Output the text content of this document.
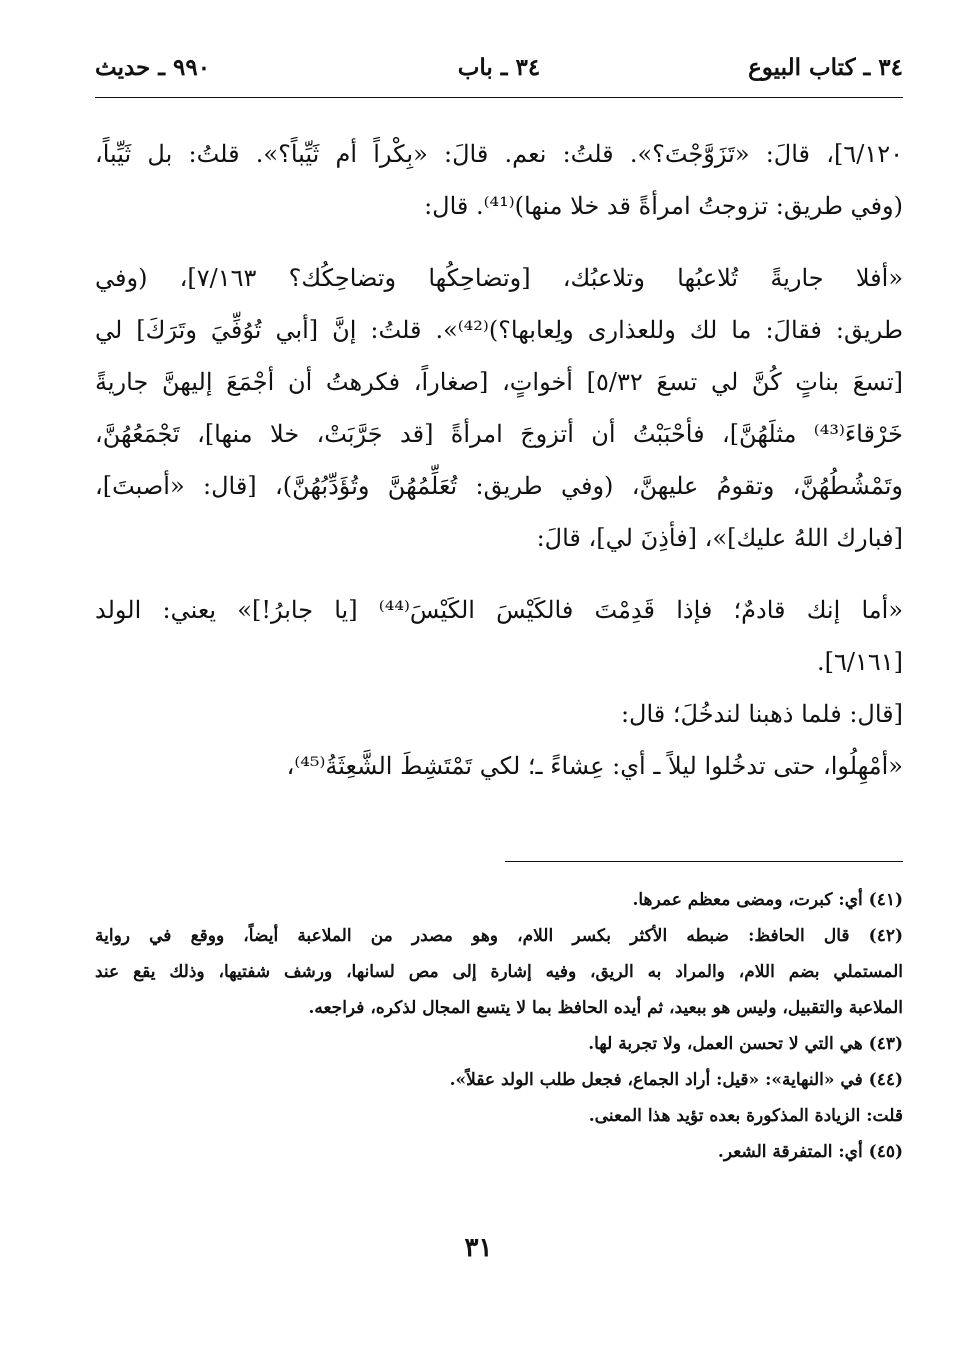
٣٤ ـ كتاب البيوع
٣٤ ـ باب
٩٩٠ ـ حديث
٦/١٢٠]، قالَ: «تَزَوَّجْتَ؟». قلتُ: نعم. قالَ: «بِكْراً أم ثَيِّباً؟». قلتُ: بل ثَيِّباً،
(وفي طريق: تزوجتُ امرأةً قد خلا منها)⁽⁴¹⁾. قال:
«أفلا جاريةً تُلاعبُها وتلاعبُك، [وتضاحِكُها وتضاحِكُك؟ ٧/١٦٣]، (وفي
طريق: فقالَ: ما لك وللعذارى ولِعابها؟)⁽⁴²⁾». قلتُ: إنَّ [أبي تُوُفِّيَ وتَرَكَ] لي
[تسعَ بناتٍ كُنَّ لي تسعَ ٥/٣٢] أخواتٍ، [صغاراً، فكرهتُ أن أجْمَعَ إليهنَّ جاريةً
خَرْقاءَ⁽⁴³⁾ مثلَهُنَّ]، فأحْبَبْتُ أن أتزوجَ امرأةً [قد جَرَّبَتْ، خلا منها]، تَجْمَعُهُنَّ،
وتَمْشُطُهُنَّ، وتقومُ عليهنَّ، (وفي طريق: تُعَلِّمُهُنَّ وتُؤَدِّبُهُنَّ)، [قال: «أصبتَ]،
[فبارك اللهُ عليك]»، [فأذِنَ لي]، قالَ:
«أما إنك قادمٌ؛ فإذا قَدِمْتَ فالكَيْسَ الكَيْسَ⁽⁴⁴⁾ [يا جابرُ!]» يعني: الولد
[٦/١٦١].
[قال: فلما ذهبنا لندخُلَ؛ قال:
«أمْهِلُوا، حتى تدخُلوا ليلاً ـ أي: عِشاءً ـ؛ لكي تَمْتَشِطَ الشَّعِثَةُ⁽⁴⁵⁾،
(٤١) أي: كبرت، ومضى معظم عمرها.
(٤٢) قال الحافظ: ضبطه الأكثر بكسر اللام، وهو مصدر من الملاعبة أيضاً، ووقع في رواية
المستملي بضم اللام، والمراد به الريق، وفيه إشارة إلى مص لسانها، ورشف شفتيها، وذلك يقع عند
الملاعبة والتقبيل، وليس هو ببعيد، ثم أيده الحافظ بما لا يتسع المجال لذكره، فراجعه.
(٤٣) هي التي لا تحسن العمل، ولا تجربة لها.
(٤٤) في «النهاية»: «قيل: أراد الجماع، فجعل طلب الولد عقلاً».
قلت: الزيادة المذكورة بعده تؤيد هذا المعنى.
(٤٥) أي: المتفرقة الشعر.
٣١
